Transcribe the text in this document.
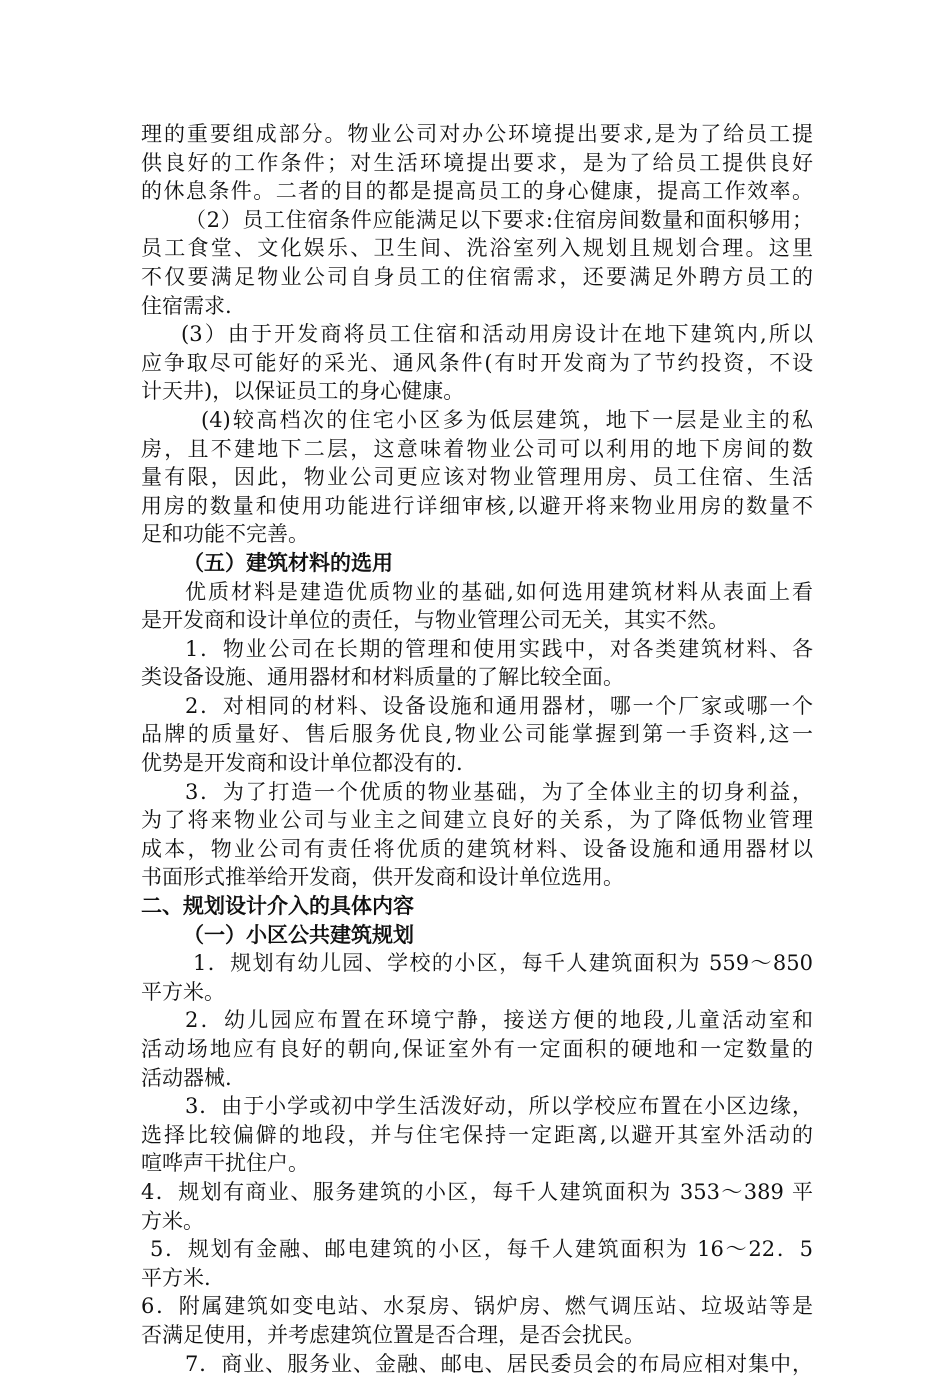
理的重要组成部分。物业公司对办公环境提出要求,是为了给员工提
供良好的工作条件；对生活环境提出要求，是为了给员工提供良好
的休息条件。二者的目的都是提高员工的身心健康，提高工作效率。
（2）员工住宿条件应能满足以下要求:住宿房间数量和面积够用；
员工食堂、文化娱乐、卫生间、洗浴室列入规划且规划合理。这里
不仅要满足物业公司自身员工的住宿需求，还要满足外聘方员工的
住宿需求.
(3）由于开发商将员工住宿和活动用房设计在地下建筑内,所以
应争取尽可能好的采光、通风条件(有时开发商为了节约投资，不设
计天井)，以保证员工的身心健康。
(4)较高档次的住宅小区多为低层建筑，地下一层是业主的私
房，且不建地下二层，这意味着物业公司可以利用的地下房间的数
量有限，因此，物业公司更应该对物业管理用房、员工住宿、生活
用房的数量和使用功能进行详细审核,以避开将来物业用房的数量不
足和功能不完善。
（五）建筑材料的选用
优质材料是建造优质物业的基础,如何选用建筑材料从表面上看
是开发商和设计单位的责任，与物业管理公司无关，其实不然。
1．物业公司在长期的管理和使用实践中，对各类建筑材料、各
类设备设施、通用器材和材料质量的了解比较全面。
2．对相同的材料、设备设施和通用器材，哪一个厂家或哪一个
品牌的质量好、售后服务优良,物业公司能掌握到第一手资料,这一
优势是开发商和设计单位都没有的.
3．为了打造一个优质的物业基础，为了全体业主的切身利益，
为了将来物业公司与业主之间建立良好的关系，为了降低物业管理
成本，物业公司有责任将优质的建筑材料、设备设施和通用器材以
书面形式推举给开发商，供开发商和设计单位选用。
二、规划设计介入的具体内容
（一）小区公共建筑规划
1．规划有幼儿园、学校的小区，每千人建筑面积为 559～850
平方米。
2．幼儿园应布置在环境宁静，接送方便的地段,儿童活动室和
活动场地应有良好的朝向,保证室外有一定面积的硬地和一定数量的
活动器械.
3．由于小学或初中学生活泼好动，所以学校应布置在小区边缘，
选择比较偏僻的地段，并与住宅保持一定距离,以避开其室外活动的
喧哗声干扰住户。
4．规划有商业、服务建筑的小区，每千人建筑面积为 353～389 平
方米。
5．规划有金融、邮电建筑的小区，每千人建筑面积为 16～22．5
平方米.
6．附属建筑如变电站、水泵房、锅炉房、燃气调压站、垃圾站等是
否满足使用，并考虑建筑位置是否合理，是否会扰民。
7．商业、服务业、金融、邮电、居民委员会的布局应相对集中，
